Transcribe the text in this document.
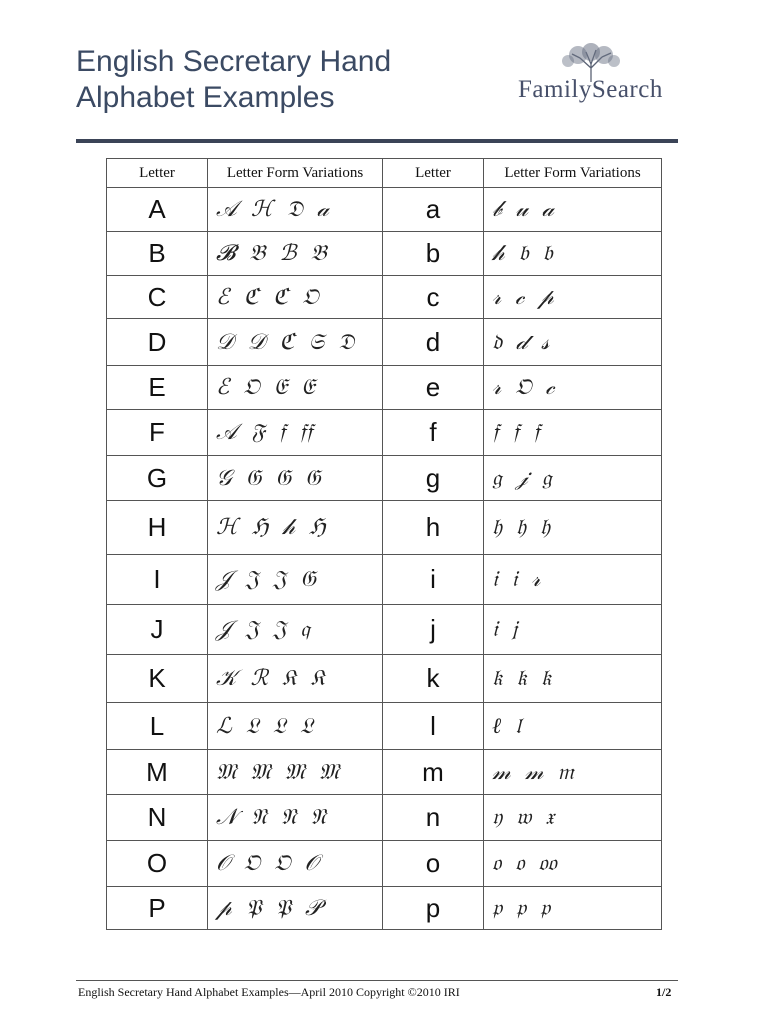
English Secretary Hand
Alphabet Examples	FamilySearch
Letter	Letter Form Variations	Letter	Letter Form Variations
A	𝒜 ℋ 𝔇 𝒶	a	𝒷 𝓊 𝒶
B	𝓑 𝔅 ℬ 𝔅	b	𝒽 𝔟 𝔟
C	ℰ ℭ ℭ 𝔒	c	𝓇 𝒸 𝓅
D	𝒟 𝒟 ℭ 𝔖 𝔇	d	𝔡 𝒹 𝓈
E	ℰ 𝔒 𝔈 𝔈	e	𝓇 𝔒 𝒸
F	𝒜 𝔉 𝔣 𝔣𝔣	f	𝔣 𝔣 𝔣
G	𝒢 𝔊 𝔊 𝔊	g	𝔤 𝒿 𝔤
H	ℋ ℌ 𝒽 ℌ	h	𝔥 𝔥 𝔥
I	𝒥 𝔍 𝔍 𝔊	i	𝔦 𝔦 𝓇
J	𝒥 𝔍 𝔍 𝔮	j	𝔦 𝔧
K	𝒦 ℛ 𝔎 𝔎	k	𝔨 𝔨 𝔨
L	ℒ 𝔏 𝔏 𝔏	l	ℓ 𝔩
M	𝔐 𝔐 𝔐 𝔐	m	𝓂 𝓂 𝔪
N	𝒩 𝔑 𝔑 𝔑	n	𝔶 𝔴 𝔵
O	𝒪 𝔒 𝔒 𝒪	o	𝔬 𝔬 𝔬𝔬
P	𝓅 𝔓 𝔓 𝒫	p	𝔭 𝔭 𝔭
English Secretary Hand Alphabet Examples—April 2010 Copyright ©2010 IRI	1/2
